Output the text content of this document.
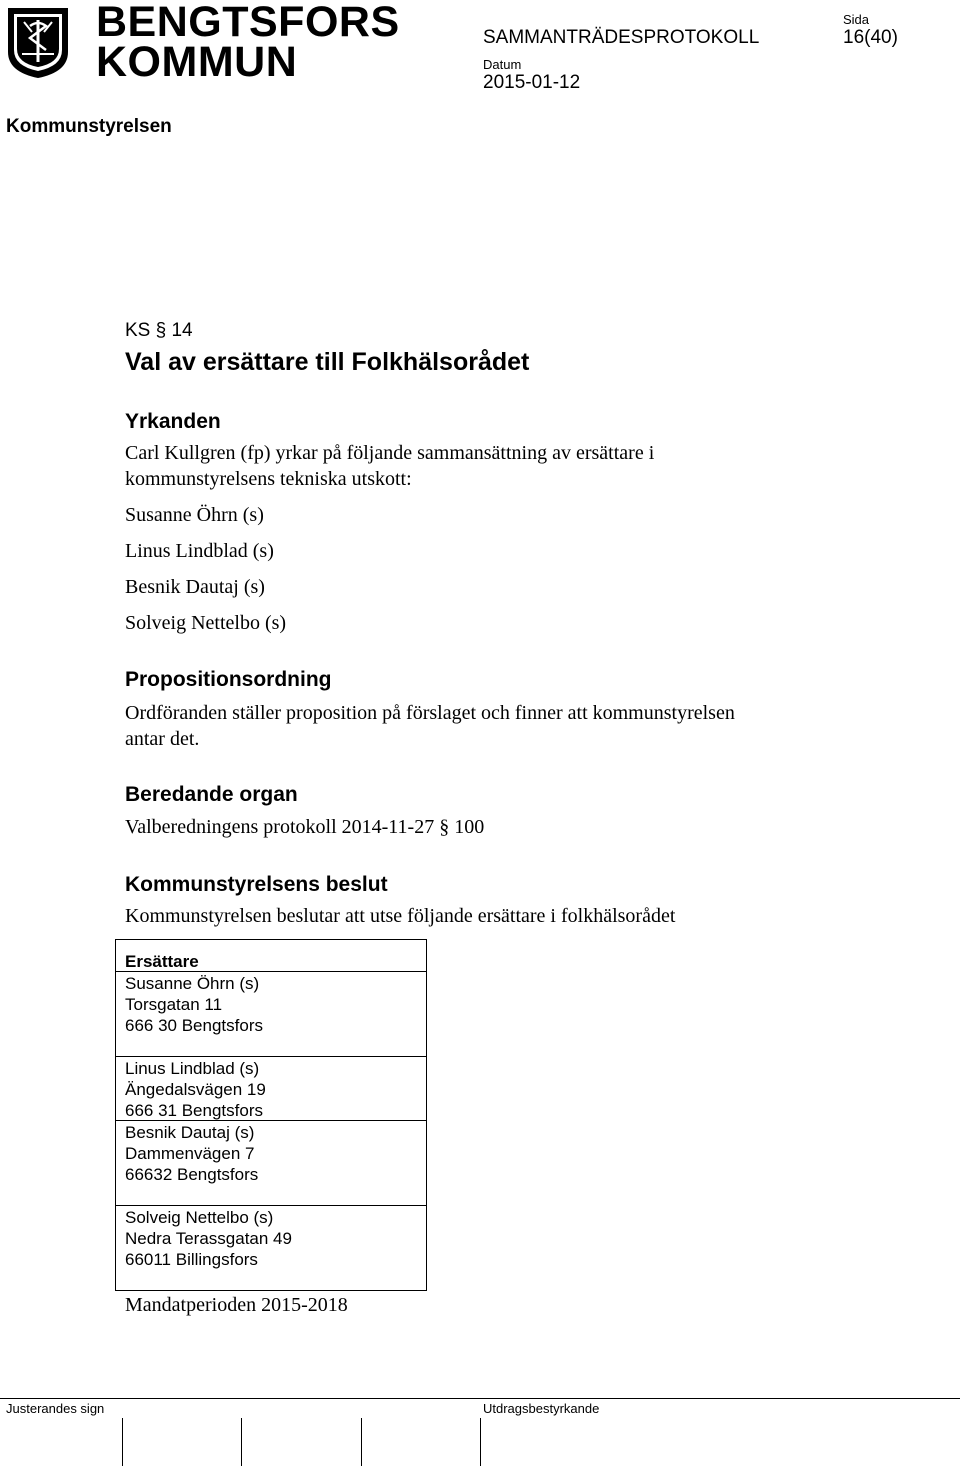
BENGTSFORS
KOMMUN
SAMMANTRÄDESPROTOKOLL
Sida
16(40)
Datum
2015-01-12
Kommunstyrelsen
KS § 14
Val av ersättare till Folkhälsorådet
Yrkanden
Carl Kullgren (fp) yrkar på följande sammansättning av ersättare i
kommunstyrelsens tekniska utskott:
Susanne Öhrn (s)
Linus Lindblad (s)
Besnik Dautaj (s)
Solveig Nettelbo (s)
Propositionsordning
Ordföranden ställer proposition på förslaget och finner att kommunstyrelsen
antar det.
Beredande organ
Valberedningens protokoll 2014-11-27 § 100
Kommunstyrelsens beslut
Kommunstyrelsen beslutar att utse följande ersättare i folkhälsorådet
Ersättare
Susanne Öhrn (s)
Torsgatan 11
666 30 Bengtsfors
Linus Lindblad (s)
Ängedalsvägen 19
666 31 Bengtsfors
Besnik Dautaj (s)
Dammenvägen 7
66632 Bengtsfors
Solveig Nettelbo (s)
Nedra Terassgatan 49
66011 Billingsfors
Mandatperioden 2015-2018
Justerandes sign	Utdragsbestyrkande
